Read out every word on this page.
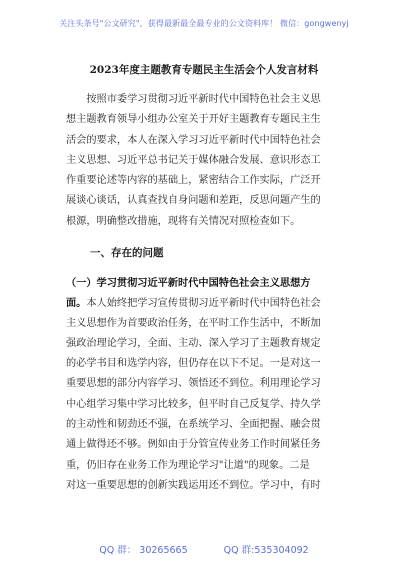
关注头条号"公文研究"，获得最新最全最专业的公文资料库！ 微信：gongwenyj
2023年度主题教育专题民主生活会个人发言材料
　　按照市委学习贯彻习近平新时代中国特色社会主义思
想主题教育领导小组办公室关于开好主题教育专题民主生
活会的要求，本人在深入学习习近平新时代中国特色社会
主义思想、习近平总书记关于媒体融合发展、意识形态工
作重要论述等内容的基础上，紧密结合工作实际，广泛开
展谈心谈话，认真查找自身问题和差距，反思问题产生的
根源，明确整改措施，现将有关情况对照检查如下。
一、存在的问题
（一）学习贯彻习近平新时代中国特色社会主义思想方
面。本人始终把学习宣传贯彻习近平新时代中国特色社会
主义思想作为首要政治任务，在平时工作生活中，不断加
强政治理论学习，全面、主动、深入学习了主题教育规定
的必学书目和选学内容，但仍存在以下不足。一是对这一
重要思想的部分内容学习、领悟还不到位。利用理论学习
中心组学习集中学习比较多，但平时自己反复学、持久学
的主动性和韧劲还不强，在系统学习、全面把握、融会贯
通上做得还不够。例如由于分管宣传业务工作时间紧任务
重，仍旧存在业务工作为理论学习"让道"的现象。二是
对这一重要思想的创新实践运用还不到位。学习中，有时
QQ 群： 30265665	QQ 群:535304092
